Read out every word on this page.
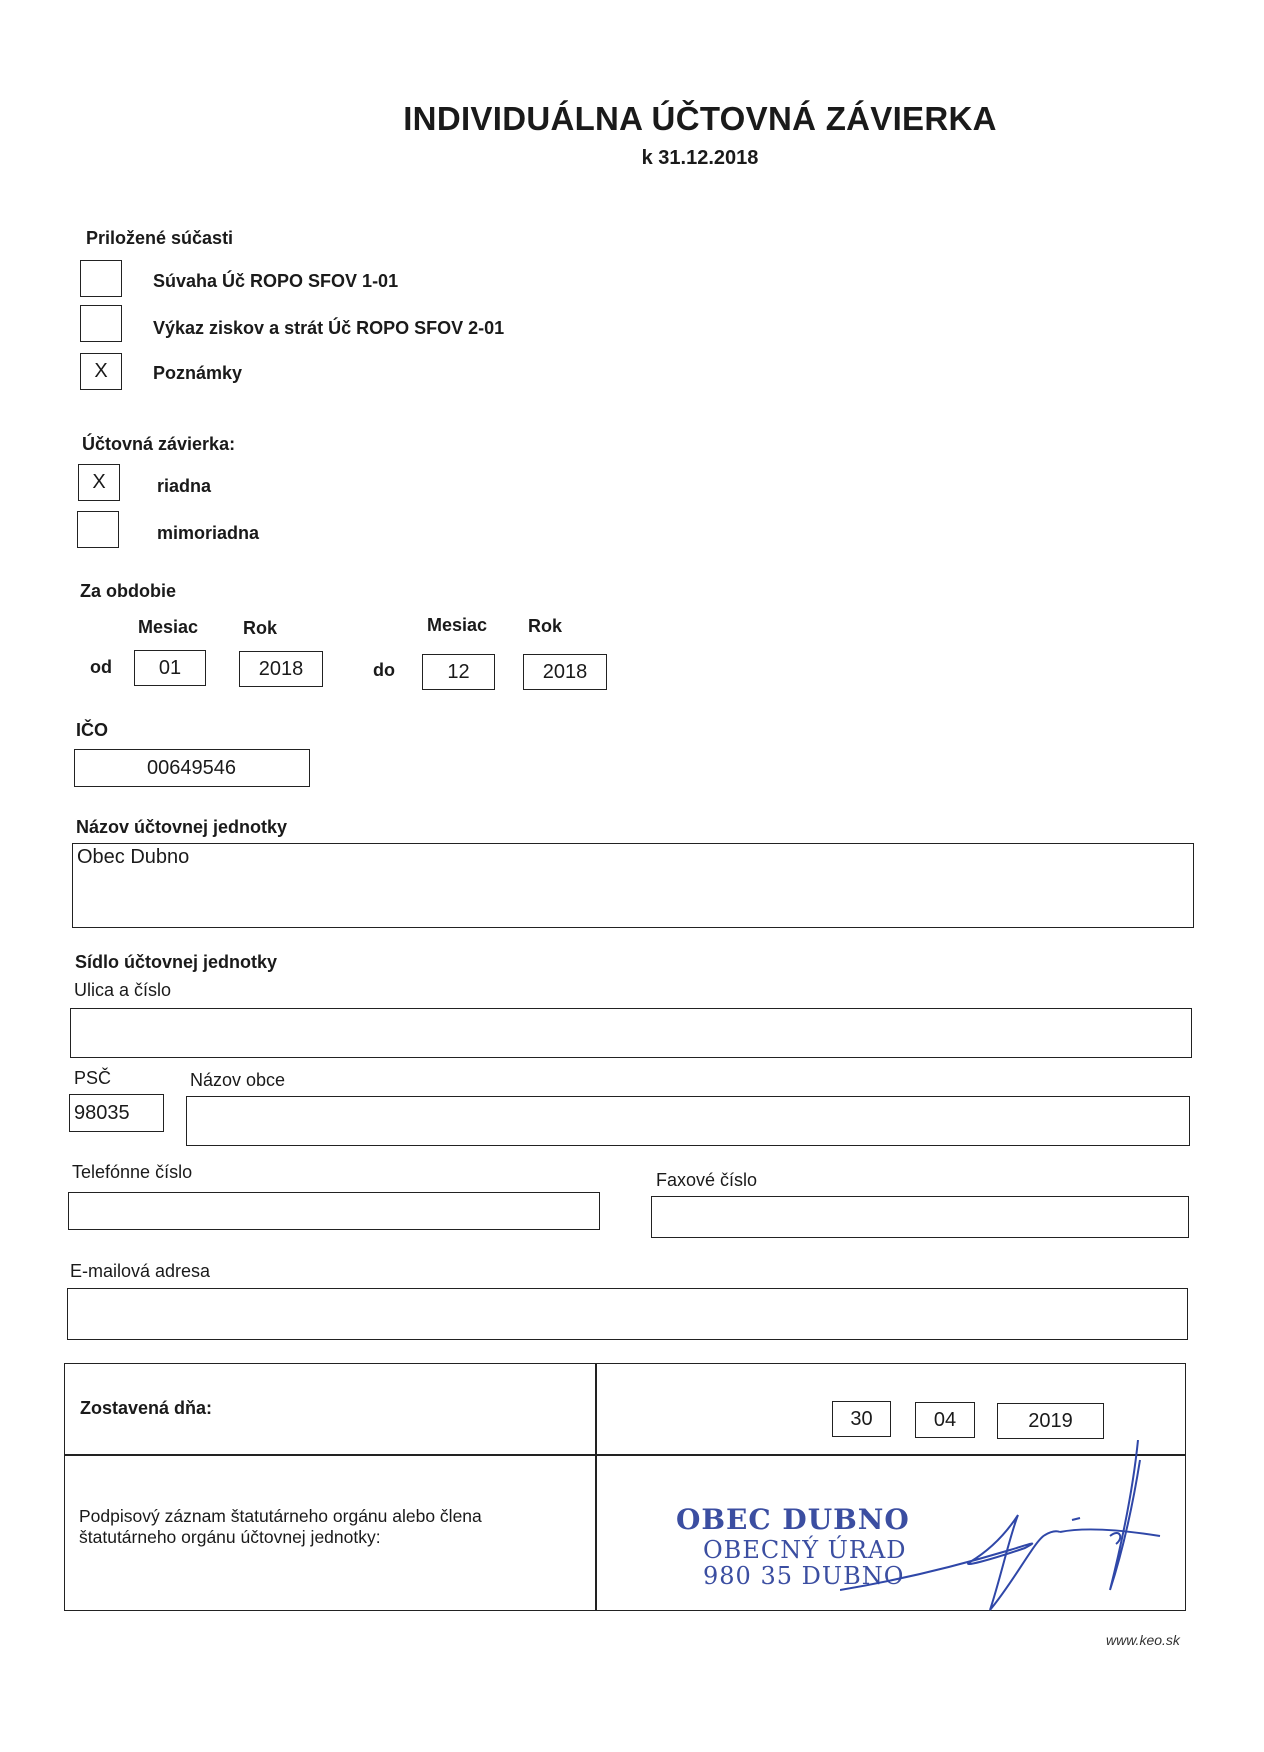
INDIVIDUÁLNA ÚČTOVNÁ ZÁVIERKA
k 31.12.2018
Priložené súčasti
Súvaha Úč ROPO SFOV 1-01
Výkaz ziskov a strát Úč ROPO SFOV 2-01
X	Poznámky
Účtovná závierka:
X	riadna
mimoriadna
Za obdobie
Mesiac Rok	Mesiac Rok
od	01	2018	do	12	2018
IČO
00649546
Názov účtovnej jednotky
Obec Dubno
Sídlo účtovnej jednotky
Ulica a číslo
PSČ	Názov obce
98035
Telefónne číslo	Faxové číslo
E-mailová adresa
Zostavená dňa:	30	04	2019
Podpisový záznam štatutárneho orgánu alebo člena štatutárneho orgánu účtovnej jednotky:
OBEC DUBNO
OBECNÝ ÚRAD
980 35 DUBNO
www.keo.sk
